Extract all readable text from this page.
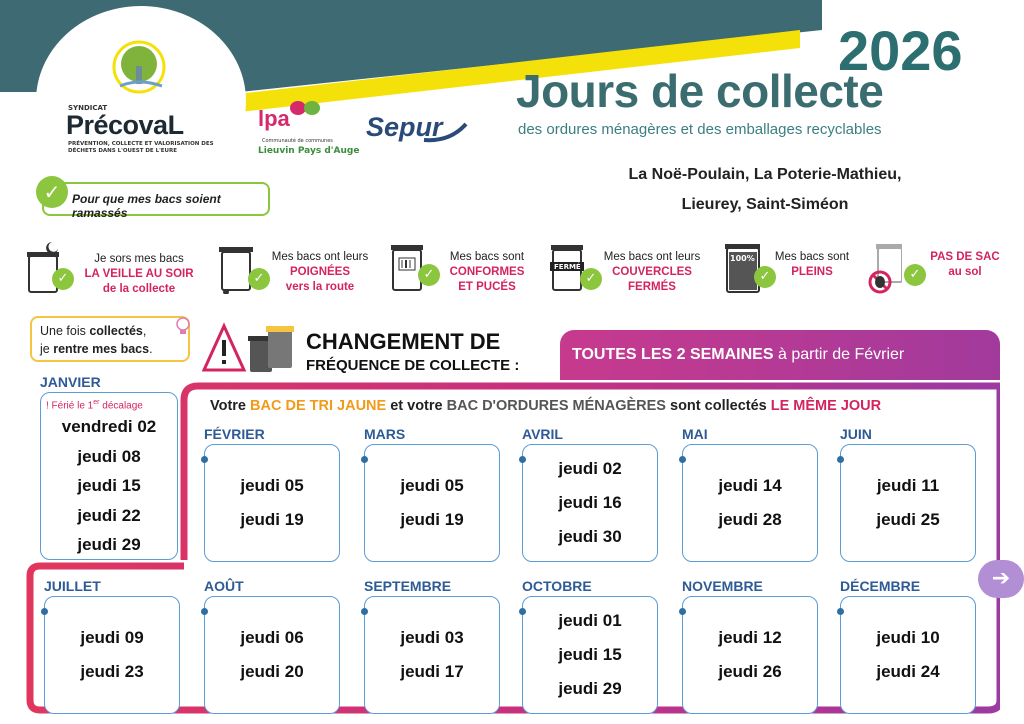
SYNDICAT
PrécovaL
PRÉVENTION, COLLECTE ET VALORISATION DES DÉCHETS DANS L'OUEST DE L'EURE
lpa
Communauté de communes
Lieuvin Pays d'Auge
Sepur
2026
Jours de collecte
des ordures ménagères et des emballages recyclables
La Noë-Poulain, La Poterie-Mathieu,
Lieurey, Saint-Siméon
Pour que mes bacs soient ramassés
✓
✓
Je sors mes bacs
LA VEILLE AU SOIR
de la collecte
✓
Mes bacs ont leurs
POIGNÉES
vers la route
✓
Mes bacs sont
CONFORMES
ET PUCÉS
FERMÉ
✓
Mes bacs ont leurs
COUVERCLES
FERMÉS
100%
✓
Mes bacs sont
PLEINS	✓
PAS DE SAC
au sol
Une fois collectés,
je rentre mes bacs.	CHANGEMENT DE
FRÉQUENCE DE COLLECTE :
TOUTES LES 2 SEMAINES à partir de Février
Votre BAC DE TRI JAUNE et votre BAC D'ORDURES MÉNAGÈRES sont collectés LE MÊME JOUR
JANVIER
! Férié le 1er décalage
vendredi 02
jeudi 08
jeudi 15
jeudi 22
jeudi 29
FÉVRIER
jeudi 05
jeudi 19
MARS
jeudi 05
jeudi 19
AVRIL
jeudi 02
jeudi 16
jeudi 30
MAI
jeudi 14
jeudi 28
JUIN
jeudi 11
jeudi 25
JUILLET
jeudi 09
jeudi 23
AOÛT
jeudi 06
jeudi 20
SEPTEMBRE
jeudi 03
jeudi 17
OCTOBRE
jeudi 01
jeudi 15
jeudi 29
NOVEMBRE
jeudi 12
jeudi 26
DÉCEMBRE
jeudi 10
jeudi 24
➔
